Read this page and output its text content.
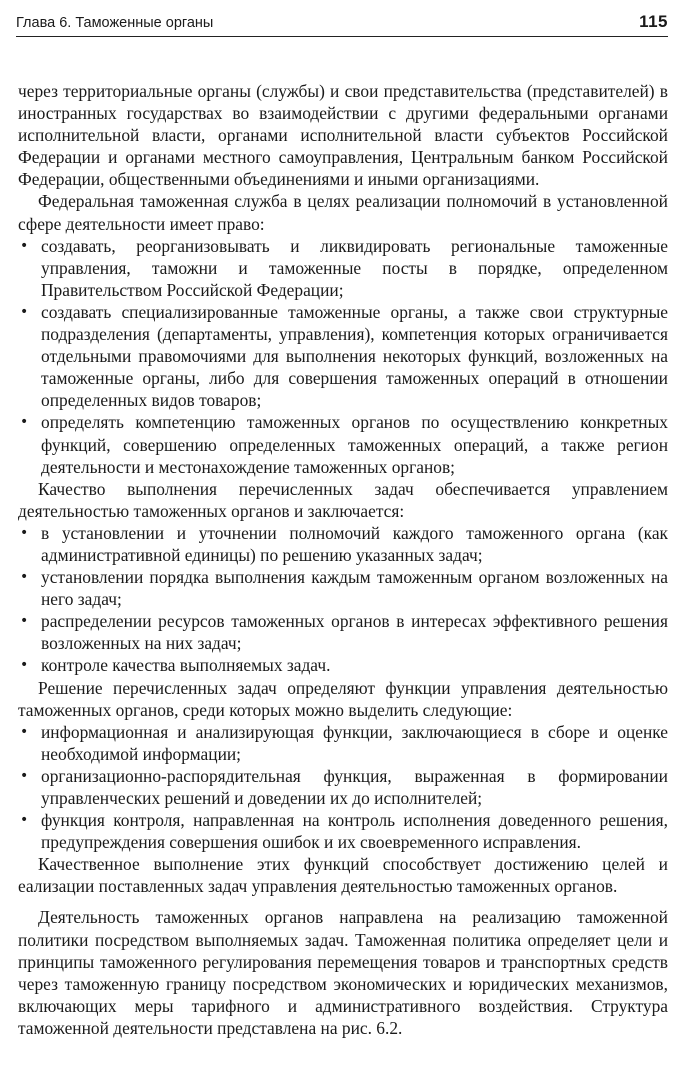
Глава 6. Таможенные органы	115

через территориальные органы (службы) и свои представительства (представителей) в иностранных государствах во взаимодействии с другими федеральными органами исполнительной власти, органами исполнительной власти субъектов Российской Федерации и органами местного самоуправления, Центральным банком Российской Федерации, общественными объединениями и иными организациями.

Федеральная таможенная служба в целях реализации полномочий в установленной сфере деятельности имеет право:

• создавать, реорганизовывать и ликвидировать региональные таможенные управления, таможни и таможенные посты в порядке, определенном Правительством Российской Федерации;
• создавать специализированные таможенные органы, а также свои структурные подразделения (департаменты, управления), компетенция которых ограничивается отдельными правомочиями для выполнения некоторых функций, возложенных на таможенные органы, либо для совершения таможенных операций в отношении определенных видов товаров;
• определять компетенцию таможенных органов по осуществлению конкретных функций, совершению определенных таможенных операций, а также регион деятельности и местонахождение таможенных органов;

Качество выполнения перечисленных задач обеспечивается управлением деятельностью таможенных органов и заключается:

• в установлении и уточнении полномочий каждого таможенного органа (как административной единицы) по решению указанных задач;
• установлении порядка выполнения каждым таможенным органом возложенных на него задач;
• распределении ресурсов таможенных органов в интересах эффективного решения возложенных на них задач;
• контроле качества выполняемых задач.

Решение перечисленных задач определяют функции управления деятельностью таможенных органов, среди которых можно выделить следующие:

• информационная и анализирующая функции, заключающиеся в сборе и оценке необходимой информации;
• организационно-распорядительная функция, выраженная в формировании управленческих решений и доведении их до исполнителей;
• функция контроля, направленная на контроль исполнения доведенного решения, предупреждения совершения ошибок и их своевременного исправления.

Качественное выполнение этих функций способствует достижению целей и еализации поставленных задач управления деятельностью таможенных органов.

Деятельность таможенных органов направлена на реализацию таможенной политики посредством выполняемых задач. Таможенная политика определяет цели и принципы таможенного регулирования перемещения товаров и транспортных средств через таможенную границу посредством экономических и юридических механизмов, включающих меры тарифного и административного воздействия. Структура таможенной деятельности представлена на рис. 6.2.
